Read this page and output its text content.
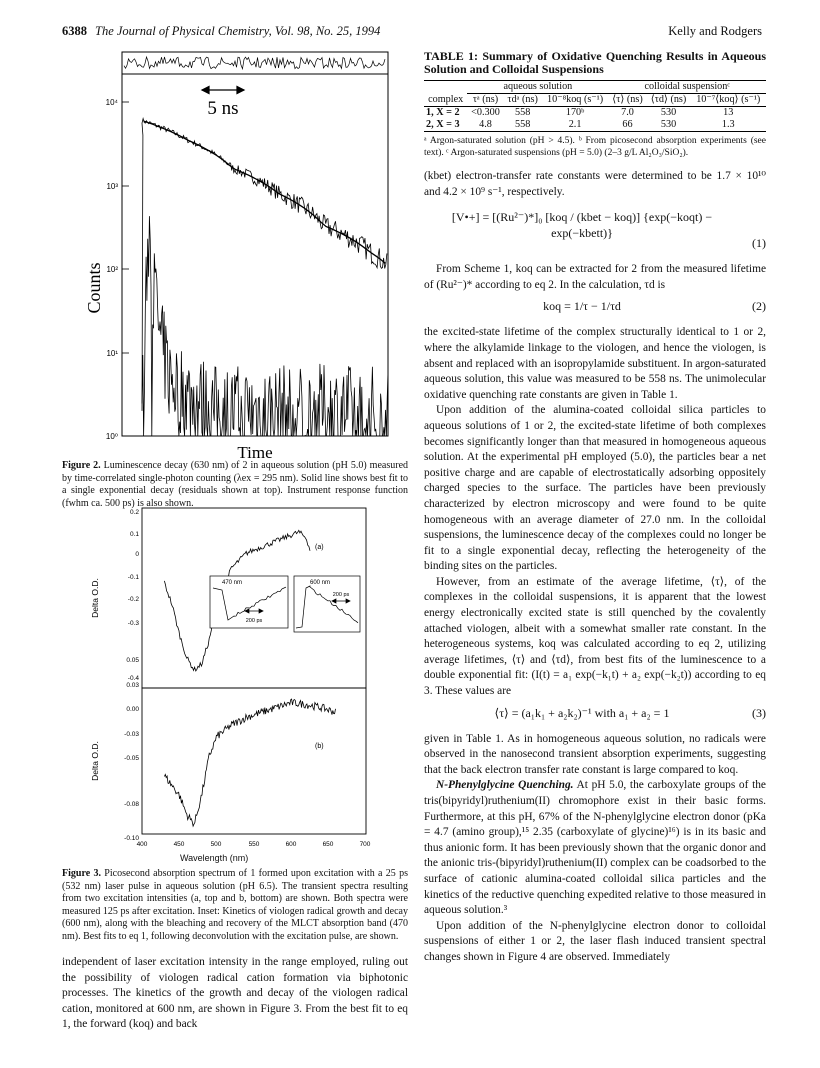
6388 The Journal of Physical Chemistry, Vol. 98, No. 25, 1994	Kelly and Rodgers
Counts
10⁴
10³
10²
10¹
10⁰
5 ns
Time
Figure 2. Luminescence decay (630 nm) of 2 in aqueous solution (pH 5.0) measured by time-correlated single-photon counting (λex = 295 nm). Solid line shows best fit to a single exponential decay (residuals shown at top). Instrument response function (fwhm ca. 500 ps) is also shown.
Delta O.D.
Delta O.D.
0.2
0.1
0
-0.1
-0.2
-0.3
-0.4
0.05
0.03
0.00
-0.03
-0.05
-0.08
-0.10
400	450	500	550	600	650	700
(a)
470 nm
200 ps
600 nm
200 ps
(b)
Wavelength (nm)
Figure 3. Picosecond absorption spectrum of 1 formed upon excitation with a 25 ps (532 nm) laser pulse in aqueous solution (pH 6.5). The transient spectra resulting from two excitation intensities (a, top and b, bottom) are shown. Both spectra were measured 125 ps after excitation. Inset: Kinetics of viologen radical growth and decay (600 nm), along with the bleaching and recovery of the MLCT absorption band (470 nm). Best fits to eq 1, following deconvolution with the excitation pulse, are shown.

independent of laser excitation intensity in the range employed, ruling out the possibility of viologen radical cation formation via biphotonic processes. The kinetics of the growth and decay of the viologen radical cation, monitored at 600 nm, are shown in Figure 3. From the best fit to eq 1, the forward (koq) and back

TABLE 1: Summary of Oxidative Quenching Results in Aqueous Solution and Colloidal Suspensions
	aqueous solution			colloidal suspensionᶜ		
complex	τᵃ (ns)	τdᵃ (ns)	10⁻⁸koq (s⁻¹)	⟨τ⟩ (ns)	⟨τd⟩ (ns)	10⁻⁷⟨koq⟩ (s⁻¹)
1, X = 2	<0.300	558	170ᵇ	7.0	530	13
2, X = 3	4.8	558	2.1	66	530	1.3
ᵃ Argon-saturated solution (pH > 4.5). ᵇ From picosecond absorption experiments (see text). ᶜ Argon-saturated suspensions (pH = 5.0) (2–3 g/L Al₂O₃/SiO₂).

(kbet) electron-transfer rate constants were determined to be 1.7 × 10¹⁰ and 4.2 × 10⁹ s⁻¹, respectively.

[V•+] = [(Ru²⁻)*]₀ [koq / (kbet − koq)] {exp(−koqt) − exp(−kbett)}
(1)

From Scheme 1, koq can be extracted for 2 from the measured lifetime of (Ru²⁻)* according to eq 2. In the calculation, τd is

koq = 1/τ − 1/τd	(2)

the excited-state lifetime of the complex structurally identical to 1 or 2, where the alkylamide linkage to the viologen, and hence the viologen, is absent and replaced with an isopropylamide substituent. In argon-saturated aqueous solution, this value was measured to be 558 ns. The unimolecular oxidative quenching rate constants are given in Table 1.

Upon addition of the alumina-coated colloidal silica particles to aqueous solutions of 1 or 2, the excited-state lifetime of both complexes becomes significantly longer than that measured in homogeneous aqueous solution. At the experimental pH employed (5.0), the particles bear a net positive charge and are capable of electrostatically adsorbing oppositely charged species to the surface. The particles have been previously characterized by electron microscopy and were found to be quite homogeneous with an average diameter of 27.0 nm. In the colloidal suspensions, the luminescence decay of the complexes could no longer be fit to a single exponential decay, reflecting the heterogeneity of the binding sites on the particles.

However, from an estimate of the average lifetime, ⟨τ⟩, of the complexes in the colloidal suspensions, it is apparent that the lowest energy electronically excited state is still quenched by the covalently attached viologen, albeit with a somewhat smaller rate constant. In the heterogeneous systems, koq was calculated according to eq 2, utilizing average lifetimes, ⟨τ⟩ and ⟨τd⟩, from best fits of the luminescence to a double exponential fit: (I(t) = a₁ exp(−k₁t) + a₂ exp(−k₂t)) according to eq 3. These values are

⟨τ⟩ = (a₁k₁ + a₂k₂)⁻¹ with a₁ + a₂ = 1	(3)

given in Table 1. As in homogeneous aqueous solution, no radicals were observed in the nanosecond transient absorption experiments, suggesting that the back electron transfer rate constant is large compared to koq.

N-Phenylglycine Quenching. At pH 5.0, the carboxylate groups of the tris(bipyridyl)ruthenium(II) chromophore exist in their basic forms. Furthermore, at this pH, 67% of the N-phenylglycine electron donor (pKa = 4.7 (amino group),¹⁵ 2.35 (carboxylate of glycine)¹⁶) is in its basic and thus anionic form. It has been previously shown that the organic donor and the anionic tris-(bipyridyl)ruthenium(II) complex can be coadsorbed to the surface of cationic alumina-coated colloidal silica particles and the kinetics of the reductive quenching expedited relative to those measured in aqueous solution.³

Upon addition of the N-phenylglycine electron donor to colloidal suspensions of either 1 or 2, the laser flash induced transient spectral changes shown in Figure 4 are observed. Immediately
